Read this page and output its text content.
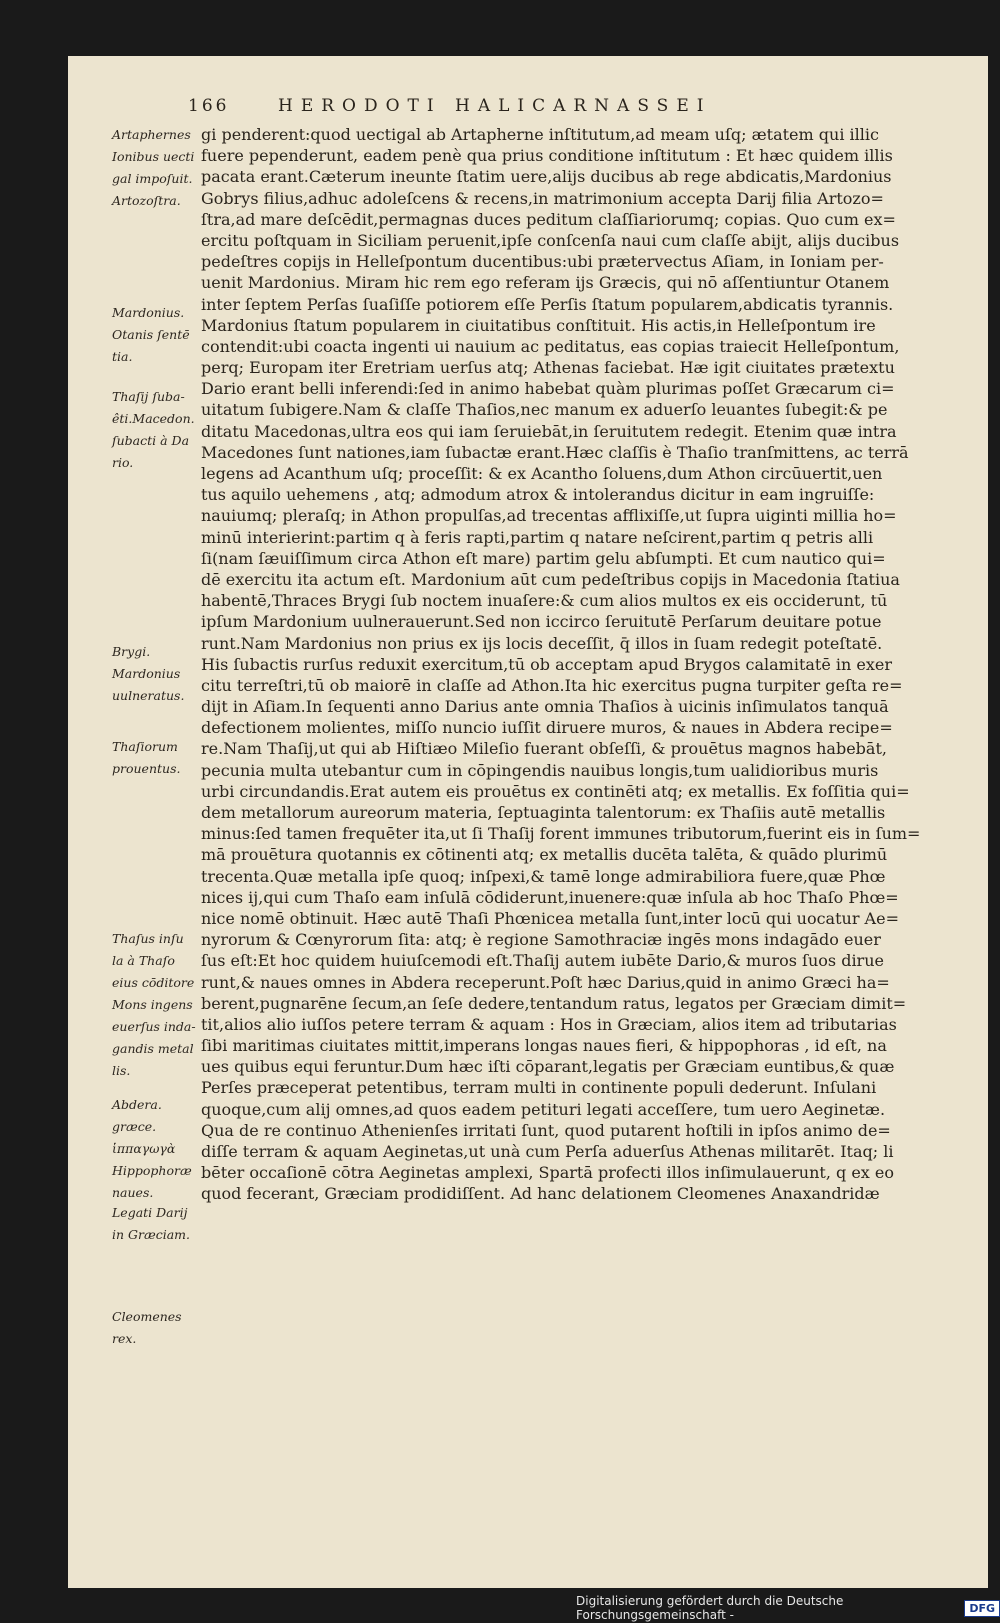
166	HERODOTI HALICARNASSEI
Artaphernes
Ionibus uecti
gal impoſuit.
Artozoſtra.
Mardonius.
Otanis ſentē
tia.
Thaſij ſuba-
êti.Macedon.
ſubacti à Da
rio.
Brygi.
Mardonius
uulneratus.
Thaſiorum
prouentus.
Thaſus inſu
la à Thaſo
eius cōditore
Mons ingens
euerſus inda-
gandis metal
lis.
Abdera.
græce.
ἱππαγωγὰ
Hippophoræ
naues.
Legati Darij
in Græciam.
Cleomenes
rex.
gi penderent:quod uectigal ab Artapherne inſtitutum,ad meam uſq; ætatem qui illic
fuere pependerunt, eadem penè qua prius conditione inſtitutum : Et hæc quidem illis
pacata erant.Cæterum ineunte ſtatim uere,alijs ducibus ab rege abdicatis,Mardonius
Gobrys filius,adhuc adoleſcens & recens,in matrimonium accepta Darij filia Artozo=
ſtra,ad mare deſcēdit,permagnas duces peditum claſſiariorumq; copias. Quo cum ex=
ercitu poſtquam in Siciliam peruenit,ipſe conſcenſa naui cum claſſe abijt, alijs ducibus
pedeſtres copijs in Helleſpontum ducentibus:ubi prætervectus Aſiam, in Ioniam per-
uenit Mardonius. Miram hic rem ego referam ijs Græcis, qui nō aſſentiuntur Otanem
inter ſeptem Perſas ſuaſiſſe potiorem eſſe Perſis ſtatum popularem,abdicatis tyrannis.
Mardonius ſtatum popularem in ciuitatibus conſtituit. His actis,in Helleſpontum ire
contendit:ubi coacta ingenti ui nauium ac peditatus, eas copias traiecit Helleſpontum,
perq; Europam iter Eretriam uerſus atq; Athenas faciebat. Hæ igit ciuitates prætextu
Dario erant belli inferendi:ſed in animo habebat quàm plurimas poſſet Græcarum ci=
uitatum ſubigere.Nam & claſſe Thaſios,nec manum ex aduerſo leuantes ſubegit:& pe
ditatu Macedonas,ultra eos qui iam ſeruiebāt,in ſeruitutem redegit. Etenim quæ intra
Macedones ſunt nationes,iam ſubactæ erant.Hæc claſſis è Thaſio tranſmittens, ac terrā
legens ad Acanthum uſq; proceſſit: & ex Acantho ſoluens,dum Athon circūuertit,uen
tus aquilo uehemens , atq; admodum atrox & intolerandus dicitur in eam ingruiſſe:
nauiumq; pleraſq; in Athon propulſas,ad trecentas afflixiſſe,ut ſupra uiginti millia ho=
minū interierint:partim q à feris rapti,partim q natare neſcirent,partim q petris alli
ſi(nam ſæuiſſimum circa Athon eſt mare) partim gelu abſumpti. Et cum nautico qui=
dē exercitu ita actum eſt. Mardonium aūt cum pedeſtribus copijs in Macedonia ſtatiua
habentē,Thraces Brygi ſub noctem inuaſere:& cum alios multos ex eis occiderunt, tū
ipſum Mardonium uulnerauerunt.Sed non iccirco ſeruitutē Perſarum deuitare potue
runt.Nam Mardonius non prius ex ijs locis deceſſit, q̄ illos in ſuam redegit poteſtatē.
His ſubactis rurſus reduxit exercitum,tū ob acceptam apud Brygos calamitatē in exer
citu terreſtri,tū ob maiorē in claſſe ad Athon.Ita hic exercitus pugna turpiter geſta re=
dijt in Aſiam.In ſequenti anno Darius ante omnia Thaſios à uicinis inſimulatos tanquā
defectionem molientes, miſſo nuncio iuſſit diruere muros, & naues in Abdera recipe=
re.Nam Thaſij,ut qui ab Hiſtiæo Mileſio fuerant obſeſſi, & prouētus magnos habebāt,
pecunia multa utebantur cum in cōpingendis nauibus longis,tum ualidioribus muris
urbi circundandis.Erat autem eis prouētus ex continēti atq; ex metallis. Ex foſſitia qui=
dem metallorum aureorum materia, ſeptuaginta talentorum: ex Thaſiis autē metallis
minus:ſed tamen frequēter ita,ut ſi Thaſij forent immunes tributorum,fuerint eis in ſum=
mā prouētura quotannis ex cōtinenti atq; ex metallis ducēta talēta, & quādo plurimū
trecenta.Quæ metalla ipſe quoq; inſpexi,& tamē longe admirabiliora fuere,quæ Phœ
nices ij,qui cum Thaſo eam inſulā cōdiderunt,inuenere:quæ inſula ab hoc Thaſo Phœ=
nice nomē obtinuit. Hæc autē Thaſi Phœnicea metalla ſunt,inter locū qui uocatur Ae=
nyrorum & Cœnyrorum ſita: atq; è regione Samothraciæ ingēs mons indagādo euer
ſus eſt:Et hoc quidem huiuſcemodi eſt.Thaſij autem iubēte Dario,& muros ſuos dirue
runt,& naues omnes in Abdera receperunt.Poſt hæc Darius,quid in animo Græci ha=
berent,pugnarēne ſecum,an ſeſe dedere,tentandum ratus, legatos per Græciam dimit=
tit,alios alio iuſſos petere terram & aquam : Hos in Græciam, alios item ad tributarias
ſibi maritimas ciuitates mittit,imperans longas naues fieri, & hippophoras , id eſt, na
ues quibus equi feruntur.Dum hæc iſti cōparant,legatis per Græciam euntibus,& quæ
Perſes præceperat petentibus, terram multi in continente populi dederunt. Inſulani
quoque,cum alij omnes,ad quos eadem petituri legati acceſſere, tum uero Aeginetæ.
Qua de re continuo Athenienſes irritati ſunt, quod putarent hoſtili in ipſos animo de=
diſſe terram & aquam Aeginetas,ut unà cum Perſa aduerſus Athenas militarēt. Itaq; li
bēter occaſionē cōtra Aeginetas amplexi, Spartā profecti illos inſimulauerunt, q ex eo
quod fecerant, Græciam prodidiſſent. Ad hanc delationem Cleomenes Anaxandridæ
Digitalisierung gefördert durch die Deutsche Forschungsgemeinschaft -	DFG
